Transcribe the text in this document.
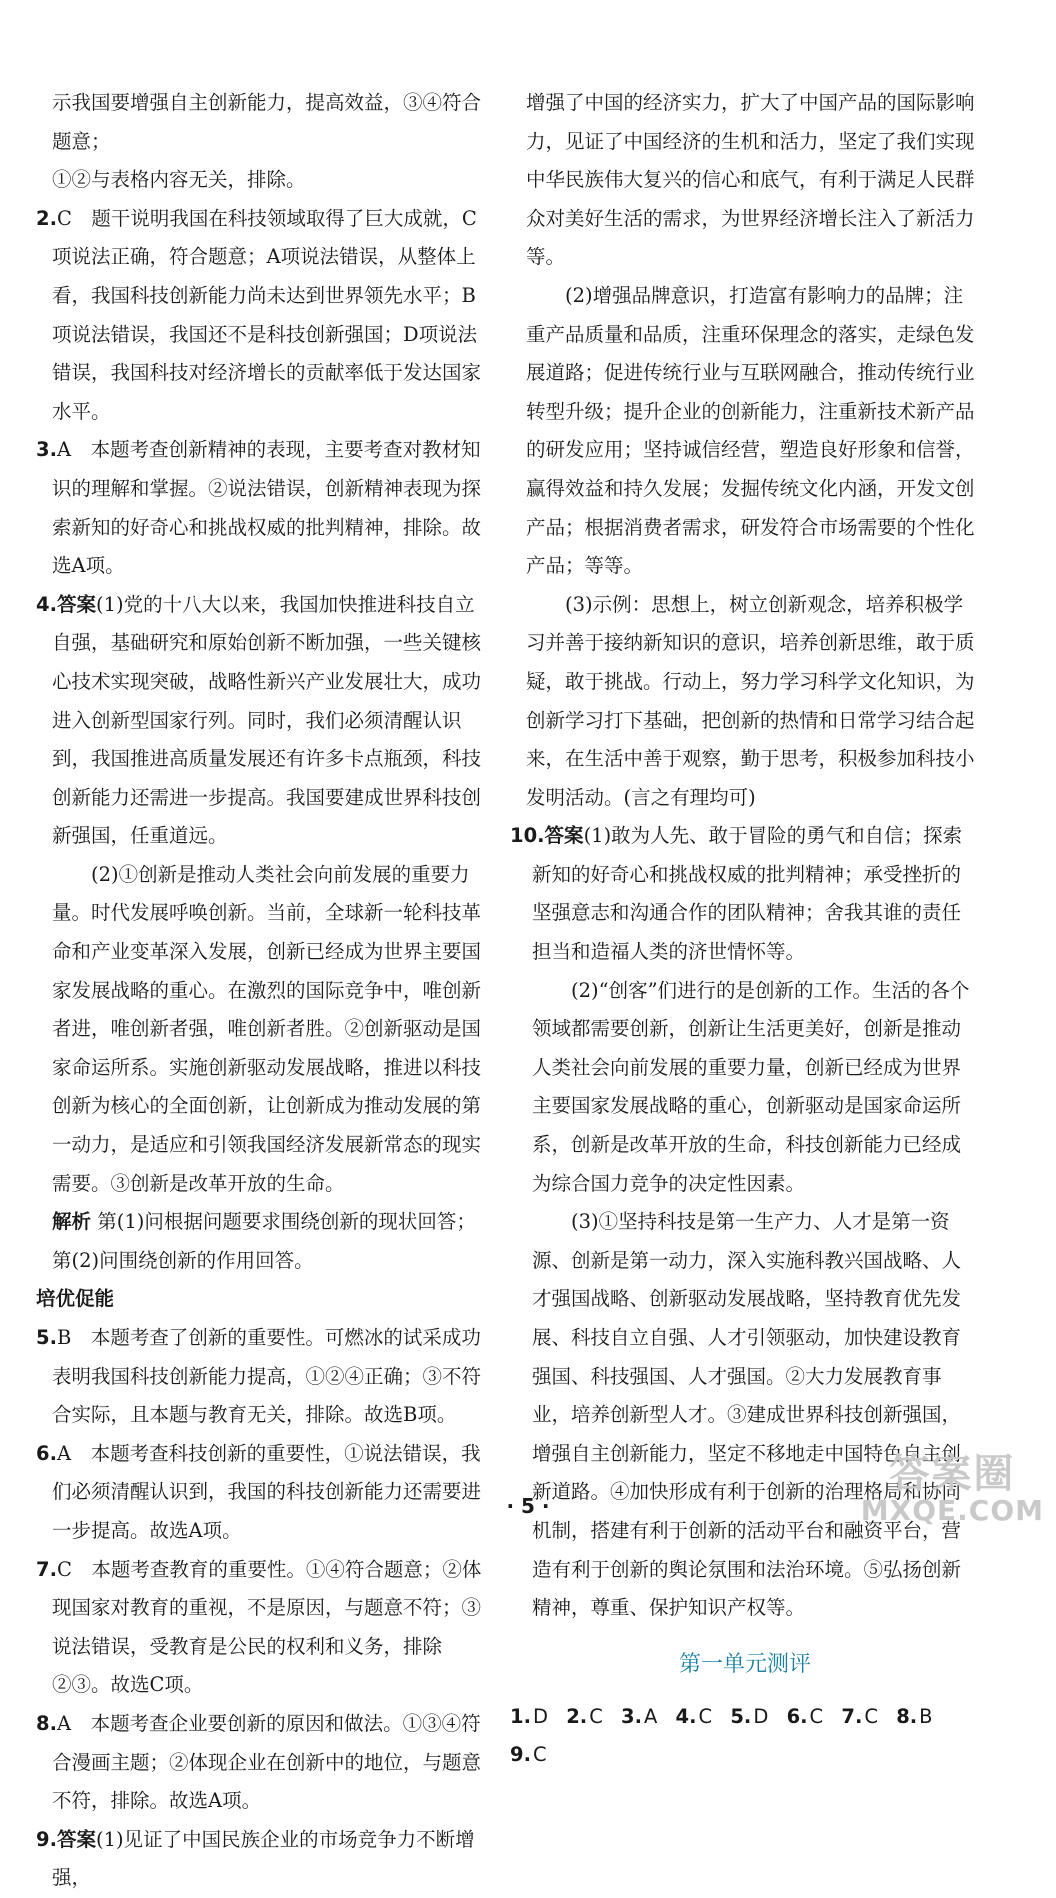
示我国要增强自主创新能力，提高效益，③④符合题意；
①②与表格内容无关，排除。

2.C　题干说明我国在科技领域取得了巨大成就，C项说法正确，符合题意；A项说法错误，从整体上看，我国科技创新能力尚未达到世界领先水平；B项说法错误，我国还不是科技创新强国；D项说法错误，我国科技对经济增长的贡献率低于发达国家水平。

3.A　本题考查创新精神的表现，主要考查对教材知识的理解和掌握。②说法错误，创新精神表现为探索新知的好奇心和挑战权威的批判精神，排除。故选A项。

4.答案(1)党的十八大以来，我国加快推进科技自立自强，基础研究和原始创新不断加强，一些关键核心技术实现突破，战略性新兴产业发展壮大，成功进入创新型国家行列。同时，我们必须清醒认识到，我国推进高质量发展还有许多卡点瓶颈，科技创新能力还需进一步提高。我国要建成世界科技创新强国，任重道远。

(2)①创新是推动人类社会向前发展的重要力量。时代发展呼唤创新。当前，全球新一轮科技革命和产业变革深入发展，创新已经成为世界主要国家发展战略的重心。在激烈的国际竞争中，唯创新者进，唯创新者强，唯创新者胜。②创新驱动是国家命运所系。实施创新驱动发展战略，推进以科技创新为核心的全面创新，让创新成为推动发展的第一动力，是适应和引领我国经济发展新常态的现实需要。③创新是改革开放的生命。

解析 第(1)问根据问题要求围绕创新的现状回答；第(2)问围绕创新的作用回答。

培优促能

5.B　本题考查了创新的重要性。可燃冰的试采成功表明我国科技创新能力提高，①②④正确；③不符合实际，且本题与教育无关，排除。故选B项。

6.A　本题考查科技创新的重要性，①说法错误，我们必须清醒认识到，我国的科技创新能力还需要进一步提高。故选A项。

7.C　本题考查教育的重要性。①④符合题意；②体现国家对教育的重视，不是原因，与题意不符；③说法错误，受教育是公民的权利和义务，排除②③。故选C项。

8.A　本题考查企业要创新的原因和做法。①③④符合漫画主题；②体现企业在创新中的地位，与题意不符，排除。故选A项。

9.答案(1)见证了中国民族企业的市场竞争力不断增强，

增强了中国的经济实力，扩大了中国产品的国际影响力，见证了中国经济的生机和活力，坚定了我们实现中华民族伟大复兴的信心和底气，有利于满足人民群众对美好生活的需求，为世界经济增长注入了新活力等。

(2)增强品牌意识，打造富有影响力的品牌；注重产品质量和品质，注重环保理念的落实，走绿色发展道路；促进传统行业与互联网融合，推动传统行业转型升级；提升企业的创新能力，注重新技术新产品的研发应用；坚持诚信经营，塑造良好形象和信誉，赢得效益和持久发展；发掘传统文化内涵，开发文创产品；根据消费者需求，研发符合市场需要的个性化产品；等等。

(3)示例：思想上，树立创新观念，培养积极学习并善于接纳新知识的意识，培养创新思维，敢于质疑，敢于挑战。行动上，努力学习科学文化知识，为创新学习打下基础，把创新的热情和日常学习结合起来，在生活中善于观察，勤于思考，积极参加科技小发明活动。(言之有理均可)

10.答案(1)敢为人先、敢于冒险的勇气和自信；探索新知的好奇心和挑战权威的批判精神；承受挫折的坚强意志和沟通合作的团队精神；舍我其谁的责任担当和造福人类的济世情怀等。

(2)“创客”们进行的是创新的工作。生活的各个领域都需要创新，创新让生活更美好，创新是推动人类社会向前发展的重要力量，创新已经成为世界主要国家发展战略的重心，创新驱动是国家命运所系，创新是改革开放的生命，科技创新能力已经成为综合国力竞争的决定性因素。

(3)①坚持科技是第一生产力、人才是第一资源、创新是第一动力，深入实施科教兴国战略、人才强国战略、创新驱动发展战略，坚持教育优先发展、科技自立自强、人才引领驱动，加快建设教育强国、科技强国、人才强国。②大力发展教育事业，培养创新型人才。③建成世界科技创新强国，增强自主创新能力，坚定不移地走中国特色自主创新道路。④加快形成有利于创新的治理格局和协同机制，搭建有利于创新的活动平台和融资平台，营造有利于创新的舆论氛围和法治环境。⑤弘扬创新精神，尊重、保护知识产权等。

第一单元测评
1. D 2. C 3. A 4. C 5. D 6. C 7. C 8. B 9. C
· 5 ·
答案圈
MXQE.COM
